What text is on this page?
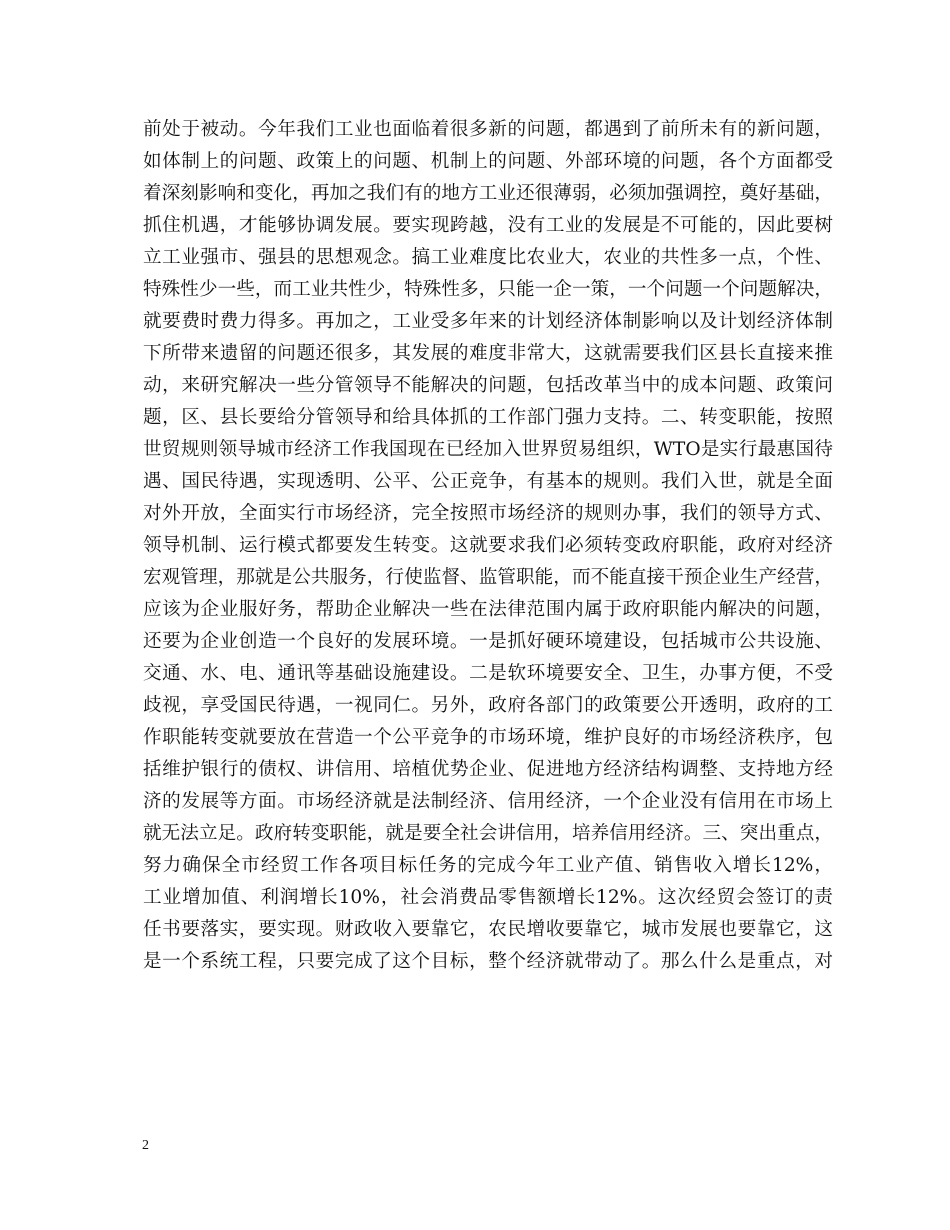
前处于被动。今年我们工业也面临着很多新的问题，都遇到了前所未有的新问题，
如体制上的问题、政策上的问题、机制上的问题、外部环境的问题，各个方面都受
着深刻影响和变化，再加之我们有的地方工业还很薄弱，必须加强调控，奠好基础，
抓住机遇，才能够协调发展。要实现跨越，没有工业的发展是不可能的，因此要树
立工业强市、强县的思想观念。搞工业难度比农业大，农业的共性多一点，个性、
特殊性少一些，而工业共性少，特殊性多，只能一企一策，一个问题一个问题解决，
就要费时费力得多。再加之，工业受多年来的计划经济体制影响以及计划经济体制
下所带来遗留的问题还很多，其发展的难度非常大，这就需要我们区县长直接来推
动，来研究解决一些分管领导不能解决的问题，包括改革当中的成本问题、政策问
题，区、县长要给分管领导和给具体抓的工作部门强力支持。二、转变职能，按照
世贸规则领导城市经济工作我国现在已经加入世界贸易组织，WTO是实行最惠国待
遇、国民待遇，实现透明、公平、公正竞争，有基本的规则。我们入世，就是全面
对外开放，全面实行市场经济，完全按照市场经济的规则办事，我们的领导方式、
领导机制、运行模式都要发生转变。这就要求我们必须转变政府职能，政府对经济
宏观管理，那就是公共服务，行使监督、监管职能，而不能直接干预企业生产经营，
应该为企业服好务，帮助企业解决一些在法律范围内属于政府职能内解决的问题，
还要为企业创造一个良好的发展环境。一是抓好硬环境建设，包括城市公共设施、
交通、水、电、通讯等基础设施建设。二是软环境要安全、卫生，办事方便，不受
歧视，享受国民待遇，一视同仁。另外，政府各部门的政策要公开透明，政府的工
作职能转变就要放在营造一个公平竞争的市场环境，维护良好的市场经济秩序，包
括维护银行的债权、讲信用、培植优势企业、促进地方经济结构调整、支持地方经
济的发展等方面。市场经济就是法制经济、信用经济，一个企业没有信用在市场上
就无法立足。政府转变职能，就是要全社会讲信用，培养信用经济。三、突出重点，
努力确保全市经贸工作各项目标任务的完成今年工业产值、销售收入增长12%，
工业增加值、利润增长10%，社会消费品零售额增长12%。这次经贸会签订的责
任书要落实，要实现。财政收入要靠它，农民增收要靠它，城市发展也要靠它，这
是一个系统工程，只要完成了这个目标，整个经济就带动了。那么什么是重点，对
2
